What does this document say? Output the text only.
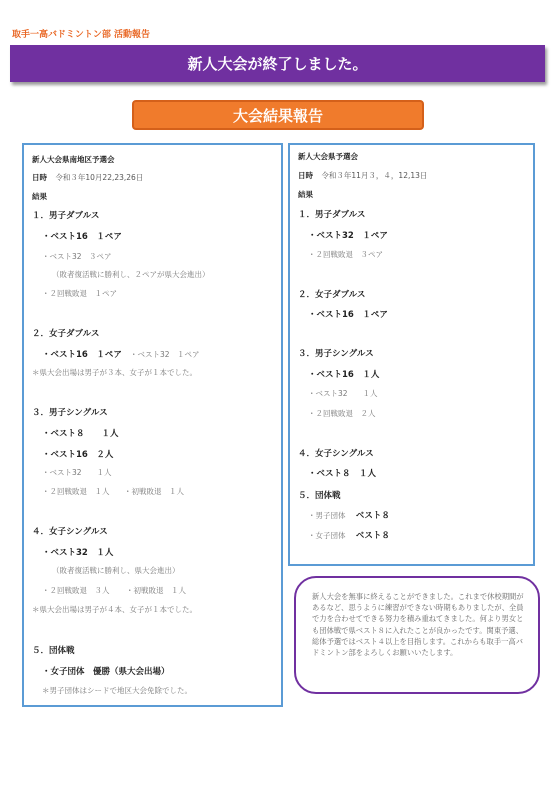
取手一高バドミントン部 活動報告
新人大会が終了しました。
大会結果報告
新人大会県南地区予選会
日時 令和３年10月22,23,26日
結果
１．男子ダブルス
・ベスト16　１ペア
・ベスト32　３ペア
（敗者復活戦に勝利し、２ペアが県大会進出）
・２回戦敗退　１ペア
２．女子ダブルス
・ベスト16　１ペア ・ベスト32　１ペア
＊県大会出場は男子が３本、女子が１本でした。
３．男子シングルス
・ベスト８　　１人
・ベスト16　２人
・ベスト32　　１人
・２回戦敗退　１人 ・初戦敗退　１人
４．女子シングルス
・ベスト32　１人
（敗者復活戦に勝利し、県大会進出）
・２回戦敗退　３人 ・初戦敗退　１人
＊県大会出場は男子が４本、女子が１本でした。
５．団体戦
・女子団体　優勝（県大会出場）
＊男子団体はシードで地区大会免除でした。
新人大会県予選会
日時 令和３年11月３，４，12,13日
結果
１．男子ダブルス
・ベスト32　１ペア
・２回戦敗退　３ペア
２．女子ダブルス
・ベスト16　１ペア
３．男子シングルス
・ベスト16　１人
・ベスト32　　１人
・２回戦敗退　２人
４．女子シングルス
・ベスト８　１人
５．団体戦
・男子団体 ベスト８
・女子団体 ベスト８
新人大会を無事に終えることができました。これまで休校期間があるなど、思うように練習ができない時期もありましたが、全員で力を合わせてできる努力を積み重ねてきました。何より男女とも団体戦で県ベスト８に入れたことが良かったです。関東予選、総体予選ではベスト４以上を目指します。これからも取手一高バドミントン部をよろしくお願いいたします。
